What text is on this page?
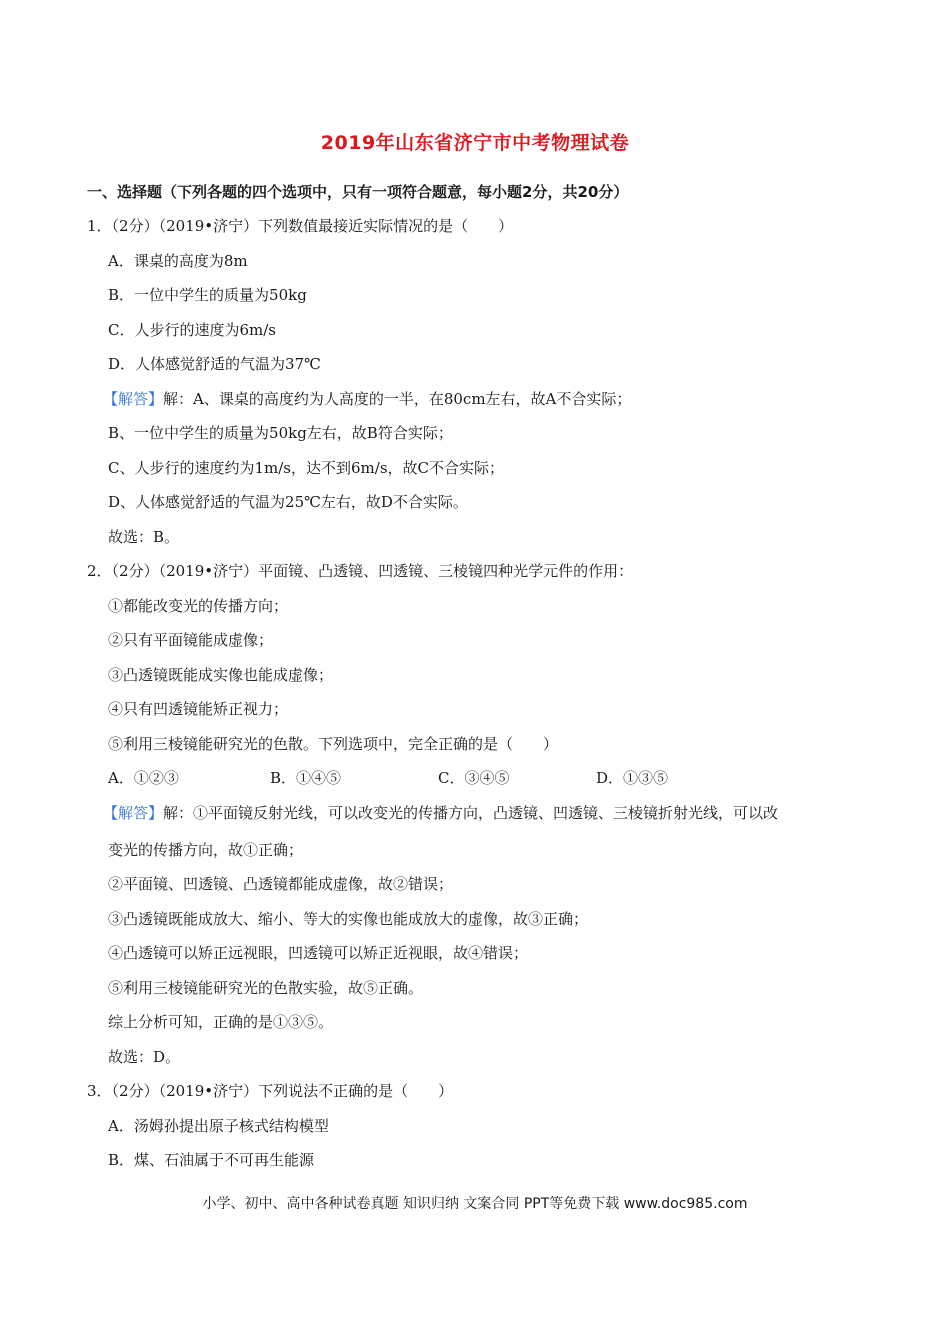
2019年山东省济宁市中考物理试卷
一、选择题（下列各题的四个选项中，只有一项符合题意，每小题2分，共20分）
1．（2分）（2019•济宁）下列数值最接近实际情况的是（　　）
A．课桌的高度为8m
B．一位中学生的质量为50kg
C．人步行的速度为6m/s
D．人体感觉舒适的气温为37℃
【解答】解：A、课桌的高度约为人高度的一半，在80cm左右，故A不合实际；
B、一位中学生的质量为50kg左右，故B符合实际；
C、人步行的速度约为1m/s，达不到6m/s，故C不合实际；
D、人体感觉舒适的气温为25℃左右，故D不合实际。
故选：B。
2．（2分）（2019•济宁）平面镜、凸透镜、凹透镜、三棱镜四种光学元件的作用：
①都能改变光的传播方向；
②只有平面镜能成虚像；
③凸透镜既能成实像也能成虚像；
④只有凹透镜能矫正视力；
⑤利用三棱镜能研究光的色散。下列选项中，完全正确的是（　　）
A．①②③	B．①④⑤	C．③④⑤	D．①③⑤
【解答】解：①平面镜反射光线，可以改变光的传播方向，凸透镜、凹透镜、三棱镜折射光线，可以改
变光的传播方向，故①正确；
②平面镜、凹透镜、凸透镜都能成虚像，故②错误；
③凸透镜既能成放大、缩小、等大的实像也能成放大的虚像，故③正确；
④凸透镜可以矫正远视眼，凹透镜可以矫正近视眼，故④错误；
⑤利用三棱镜能研究光的色散实验，故⑤正确。
综上分析可知，正确的是①③⑤。
故选：D。
3．（2分）（2019•济宁）下列说法不正确的是（　　）
A．汤姆孙提出原子核式结构模型
B．煤、石油属于不可再生能源
小学、初中、高中各种试卷真题 知识归纳 文案合同 PPT等免费下载 www.doc985.com
